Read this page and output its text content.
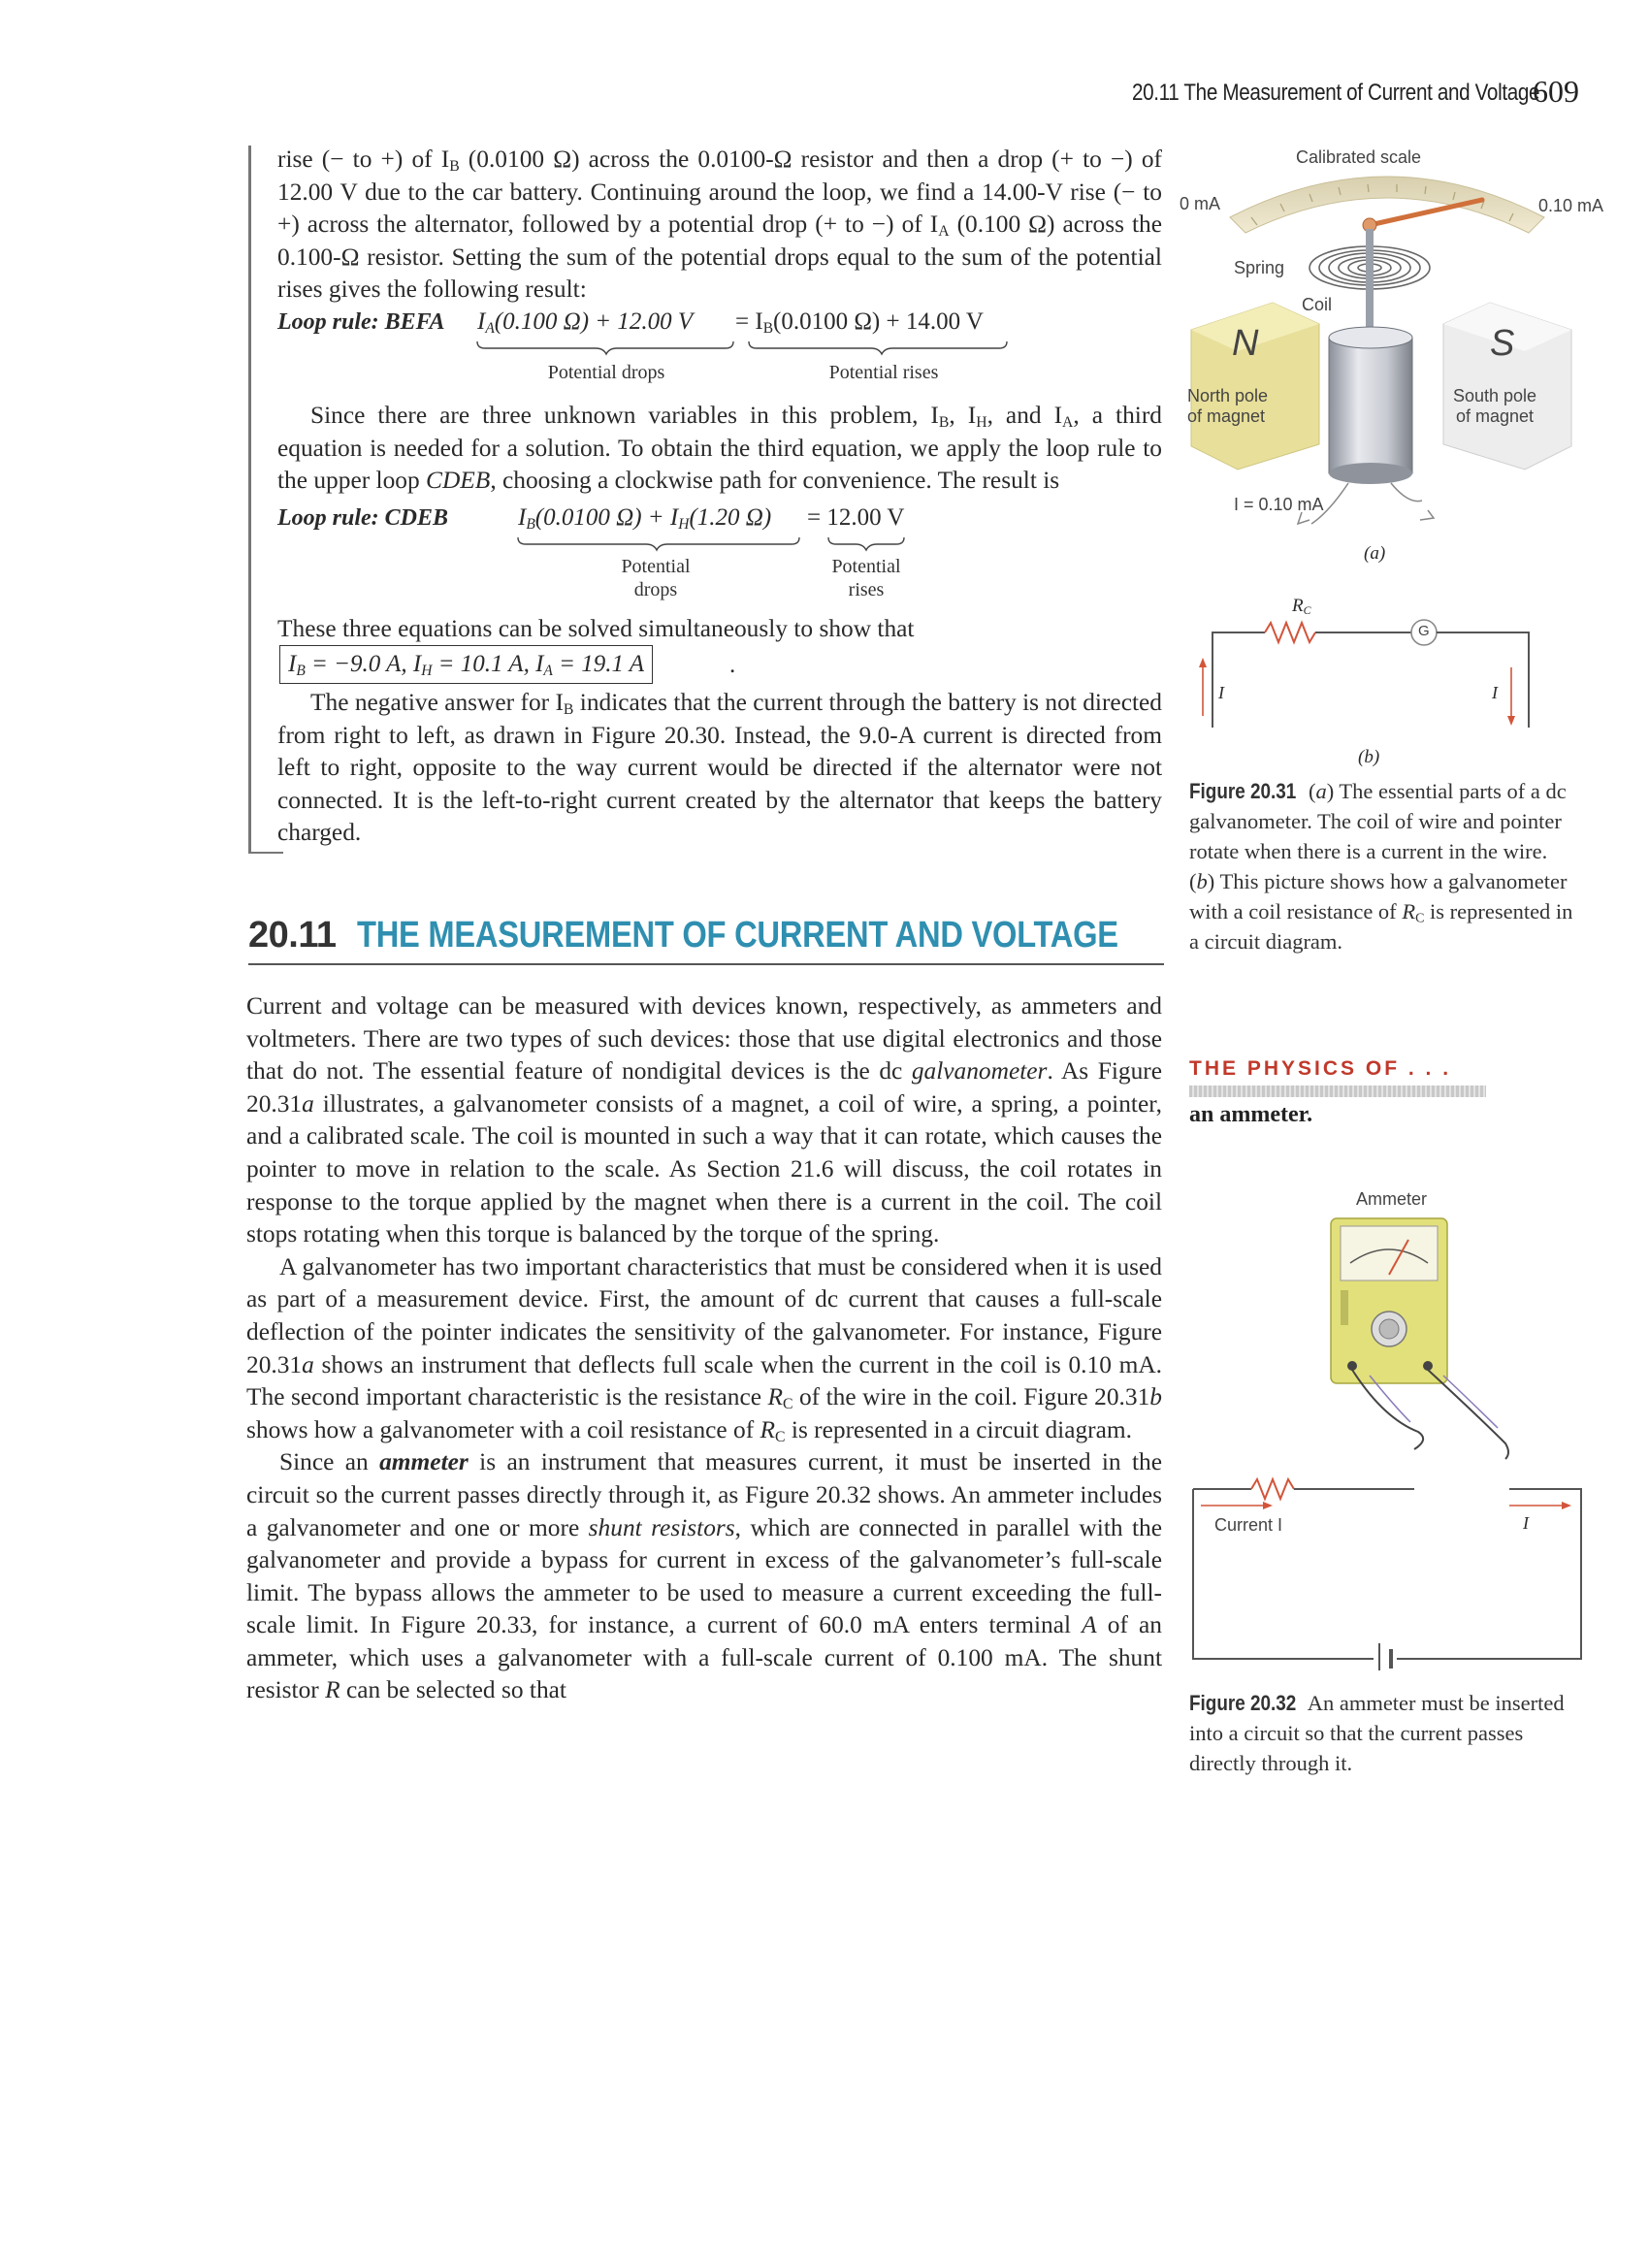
20.11 The Measurement of Current and Voltage
609

rise (− to +) of $I_B$ (0.0100 Ω) across the 0.0100-Ω resistor and then a drop (+ to −) of 12.00 V due to the car battery. Continuing around the loop, we find a 14.00-V rise (− to +) across the alternator, followed by a potential drop (+ to −) of $I_A$ (0.100 Ω) across the 0.100-Ω resistor. Setting the sum of the potential drops equal to the sum of the potential rises gives the following result:

Loop rule: BEFA $I_A(0.100$ Ω) + 12.00 $V = I_B(0.0100$ Ω) + 14.00 V
Potential drops	Potential rises

Since there are three unknown variables in this problem, $I_B$, $I_H$, and $I_A$, a third equation is needed for a solution. To obtain the third equation, we apply the loop rule to the upper loop CDEB, choosing a clockwise path for convenience. The result is

Loop rule: CDEB	$I_B(0.0100$ $\Omega) + I_H(1.20$ Ω) = 12.00 V
Potential
drops
Potential
rises

These three equations can be solved simultaneously to show that

$I_B = -9.0$ A, $I_H = 10.1$ A, $I_A = 19.1$ A	.

The negative answer for $I_B$ indicates that the current through the battery is not directed from right to left, as drawn in Figure 20.30. Instead, the 9.0-A current is directed from left to right, opposite to the way current would be directed if the alternator were not connected. It is the left-to-right current created by the alternator that keeps the battery charged.

20.11 THE MEASUREMENT OF CURRENT AND VOLTAGE

Current and voltage can be measured with devices known, respectively, as ammeters and voltmeters. There are two types of such devices: those that use digital electronics and those that do not. The essential feature of nondigital devices is the dc galvanometer. As Figure 20.31a illustrates, a galvanometer consists of a magnet, a coil of wire, a spring, a pointer, and a calibrated scale. The coil is mounted in such a way that it can rotate, which causes the pointer to move in relation to the scale. As Section 21.6 will discuss, the coil rotates in response to the torque applied by the magnet when there is a current in the coil. The coil stops rotating when this torque is balanced by the torque of the spring.

A galvanometer has two important characteristics that must be considered when it is used as part of a measurement device. First, the amount of dc current that causes a full-scale deflection of the pointer indicates the sensitivity of the galvanometer. For instance, Figure 20.31a shows an instrument that deflects full scale when the current in the coil is 0.10 mA. The second important characteristic is the resistance $R_C$ of the wire in the coil. Figure 20.31b shows how a galvanometer with a coil resistance of $R_C$ is represented in a circuit diagram.

Since an ammeter is an instrument that measures current, it must be inserted in the circuit so the current passes directly through it, as Figure 20.32 shows. An ammeter includes a galvanometer and one or more shunt resistors, which are connected in parallel with the galvanometer and provide a bypass for current in excess of the galvanometer’s full-scale limit. The bypass allows the ammeter to be used to measure a current exceeding the full-scale limit. In Figure 20.33, for instance, a current of 60.0 mA enters terminal A of an ammeter, which uses a galvanometer with a full-scale current of 0.100 mA. The shunt resistor R can be selected so that

N	S
Calibrated scale
0 mA	0.10 mA
Spring
Coil
North pole
of magnet
South pole
of magnet
I = 0.10 mA
(a)
$R_C$
G
I	I
(b)
Figure 20.31 (a) The essential parts of a dc galvanometer. The coil of wire and pointer rotate when there is a current in the wire. (b) This picture shows how a galvanometer with a coil resistance of $R_C$ is represented in a circuit diagram.
THE PHYSICS OF . . .
an ammeter.
Ammeter
Current I	I
Figure 20.32 An ammeter must be inserted into a circuit so that the current passes directly through it.
